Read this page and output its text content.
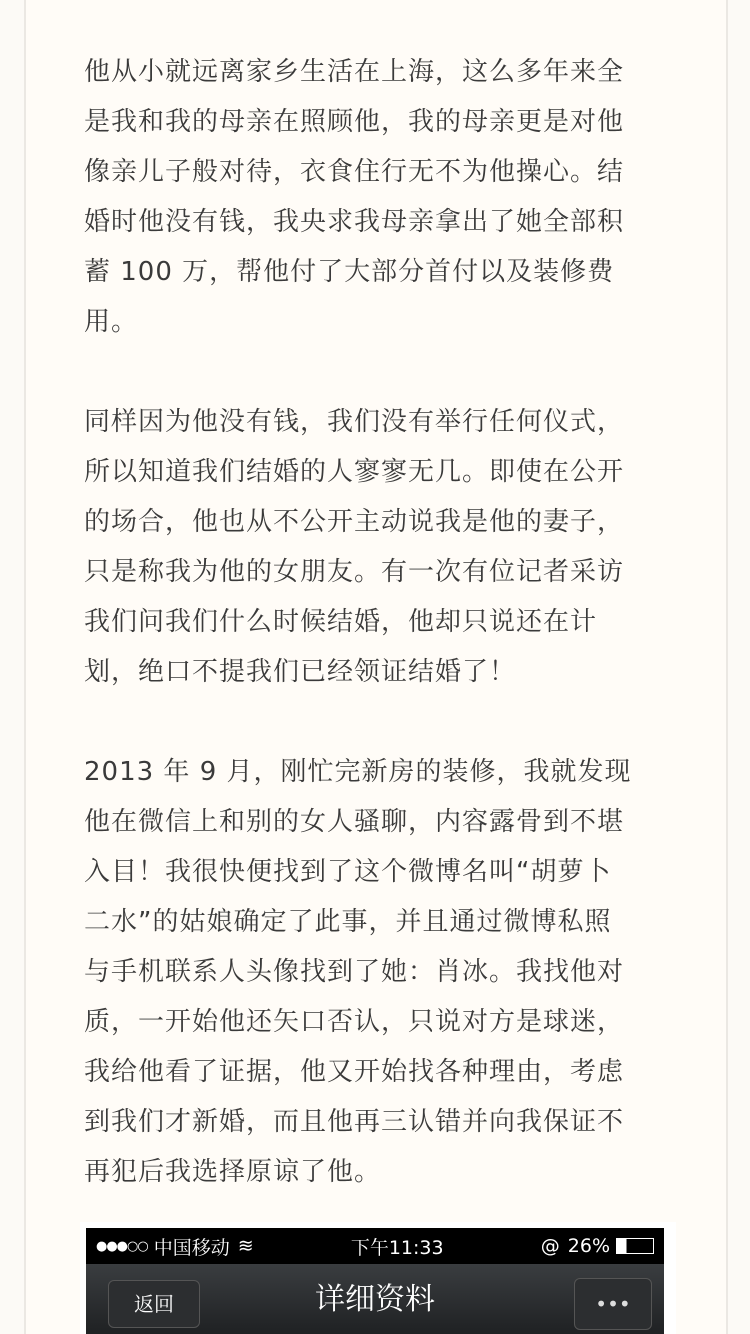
他从小就远离家乡生活在上海，这么多年来全
是我和我的母亲在照顾他，我的母亲更是对他
像亲儿子般对待，衣食住行无不为他操心。结
婚时他没有钱，我央求我母亲拿出了她全部积
蓄 100 万，帮他付了大部分首付以及装修费
用。
同样因为他没有钱，我们没有举行任何仪式，
所以知道我们结婚的人寥寥无几。即使在公开
的场合，他也从不公开主动说我是他的妻子，
只是称我为他的女朋友。有一次有位记者采访
我们问我们什么时候结婚，他却只说还在计
划，绝口不提我们已经领证结婚了！
2013 年 9 月，刚忙完新房的装修，我就发现
他在微信上和别的女人骚聊，内容露骨到不堪
入目！我很快便找到了这个微博名叫“胡萝卜
二水”的姑娘确定了此事，并且通过微博私照
与手机联系人头像找到了她：肖冰。我找他对
质，一开始他还矢口否认，只说对方是球迷，
我给他看了证据，他又开始找各种理由，考虑
到我们才新婚，而且他再三认错并向我保证不
再犯后我选择原谅了他。
●●●○○ 中国移动 ≋	下午11:33	@ 26%
返回	详细资料	•••
